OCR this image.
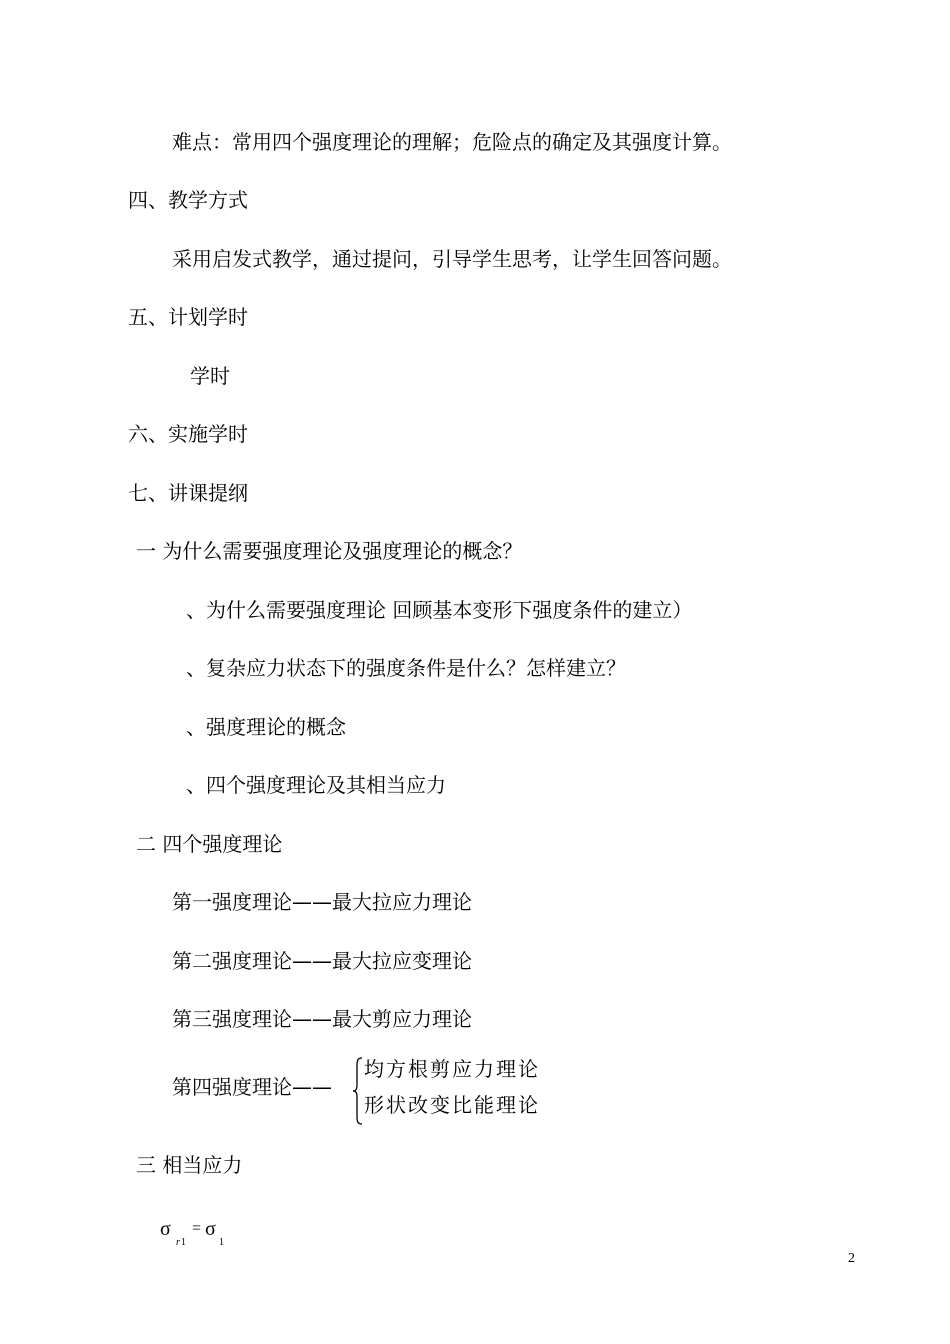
难点：常用四个强度理论的理解；危险点的确定及其强度计算。
四、教学方式
采用启发式教学，通过提问，引导学生思考，让学生回答问题。
五、计划学时
学时
六、实施学时
七、讲课提纲
一 为什么需要强度理论及强度理论的概念？
、为什么需要强度理论 回顾基本变形下强度条件的建立）
、复杂应力状态下的强度条件是什么？怎样建立？
、强度理论的概念
、四个强度理论及其相当应力
二 四个强度理论
第一强度理论——最大拉应力理论
第二强度理论——最大拉应变理论
第三强度理论——最大剪应力理论
第四强度理论——
均方根剪应力理论
形状改变比能理论
三 相当应力
σ
r 1
= σ
1
2
